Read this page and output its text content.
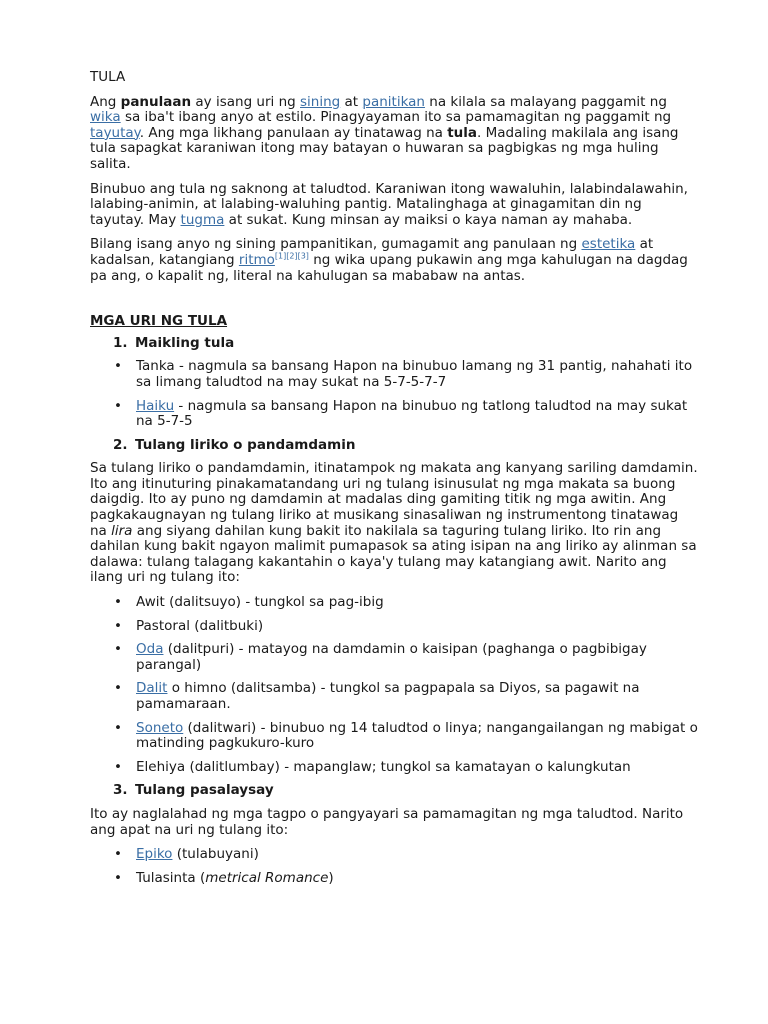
TULA

Ang panulaan ay isang uri ng sining at panitikan na kilala sa malayang paggamit ng wika sa iba't ibang anyo at estilo. Pinagyayaman ito sa pamamagitan ng paggamit ng tayutay. Ang mga likhang panulaan ay tinatawag na tula. Madaling makilala ang isang tula sapagkat karaniwan itong may batayan o huwaran sa pagbigkas ng mga huling salita.

Binubuo ang tula ng saknong at taludtod. Karaniwan itong wawaluhin, lalabindalawahin, lalabing-animin, at lalabing-waluhing pantig. Matalinghaga at ginagamitan din ng tayutay. May tugma at sukat. Kung minsan ay maiksi o kaya naman ay mahaba.

Bilang isang anyo ng sining pampanitikan, gumagamit ang panulaan ng estetika at kadalsan, katangiang ritmo[1][2][3] ng wika upang pukawin ang mga kahulugan na dagdag pa ang, o kapalit ng, literal na kahulugan sa mababaw na antas.

MGA URI NG TULA

1. Maikling tula

• Tanka - nagmula sa bansang Hapon na binubuo lamang ng 31 pantig, nahahati ito sa limang taludtod na may sukat na 5-7-5-7-7
• Haiku - nagmula sa bansang Hapon na binubuo ng tatlong taludtod na may sukat na 5-7-5

2. Tulang liriko o pandamdamin

Sa tulang liriko o pandamdamin, itinatampok ng makata ang kanyang sariling damdamin. Ito ang itinuturing pinakamatandang uri ng tulang isinusulat ng mga makata sa buong daigdig. Ito ay puno ng damdamin at madalas ding gamiting titik ng mga awitin. Ang pagkakaugnayan ng tulang liriko at musikang sinasaliwan ng instrumentong tinatawag na lira ang siyang dahilan kung bakit ito nakilala sa taguring tulang liriko. Ito rin ang dahilan kung bakit ngayon malimit pumapasok sa ating isipan na ang liriko ay alinman sa dalawa: tulang talagang kakantahin o kaya'y tulang may katangiang awit. Narito ang ilang uri ng tulang ito:

• Awit (dalitsuyo) - tungkol sa pag-ibig
• Pastoral (dalitbuki)
• Oda (dalitpuri) - matayog na damdamin o kaisipan (paghanga o pagbibigay parangal)
• Dalit o himno (dalitsamba) - tungkol sa pagpapala sa Diyos, sa pagawit na pamamaraan.
• Soneto (dalitwari) - binubuo ng 14 taludtod o linya; nangangailangan ng mabigat o matinding pagkukuro-kuro
• Elehiya (dalitlumbay) - mapanglaw; tungkol sa kamatayan o kalungkutan

3. Tulang pasalaysay

Ito ay naglalahad ng mga tagpo o pangyayari sa pamamagitan ng mga taludtod. Narito ang apat na uri ng tulang ito:

• Epiko (tulabuyani)
• Tulasinta (metrical Romance)
